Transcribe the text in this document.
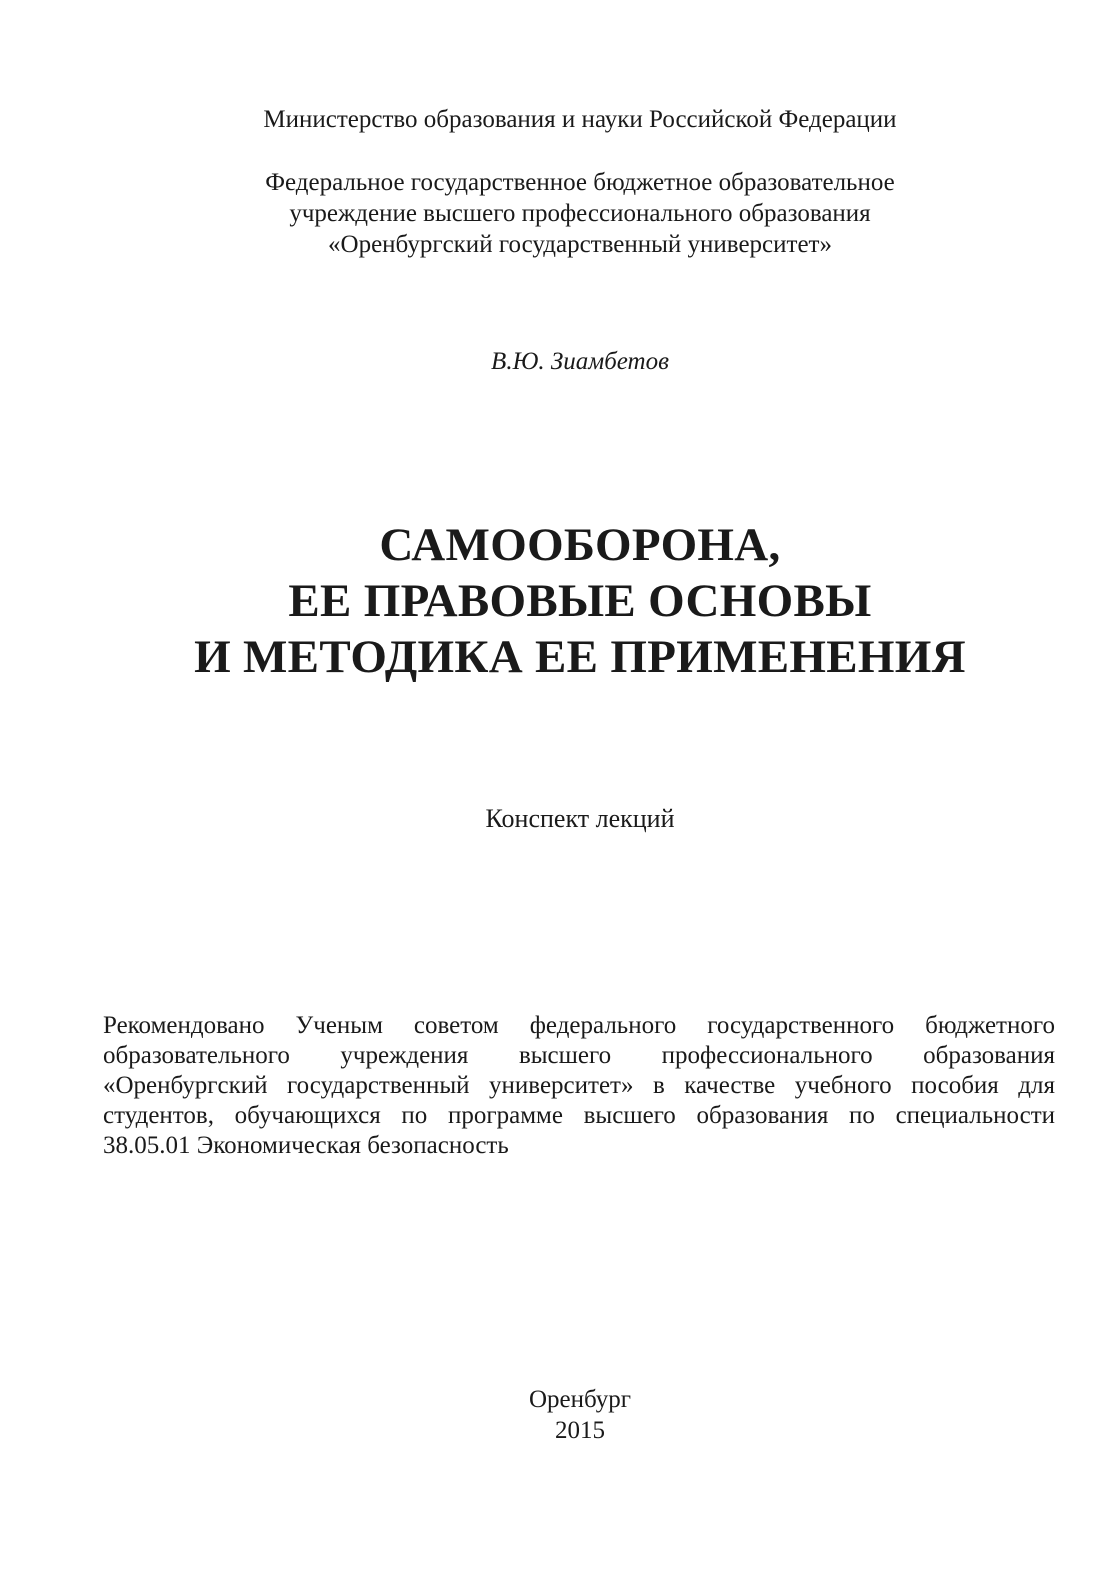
Министерство образования и науки Российской Федерации
Федеральное государственное бюджетное образовательное
учреждение высшего профессионального образования
«Оренбургский государственный университет»
В.Ю. Зиамбетов
САМООБОРОНА,
ЕЕ ПРАВОВЫЕ ОСНОВЫ
И МЕТОДИКА ЕЕ ПРИМЕНЕНИЯ
Конспект лекций
Рекомендовано Ученым советом федерального государственного бюджетного
образовательного учреждения высшего профессионального образования
«Оренбургский государственный университет» в качестве учебного пособия для
студентов, обучающихся по программе высшего образования по специальности
38.05.01 Экономическая безопасность
Оренбург
2015
